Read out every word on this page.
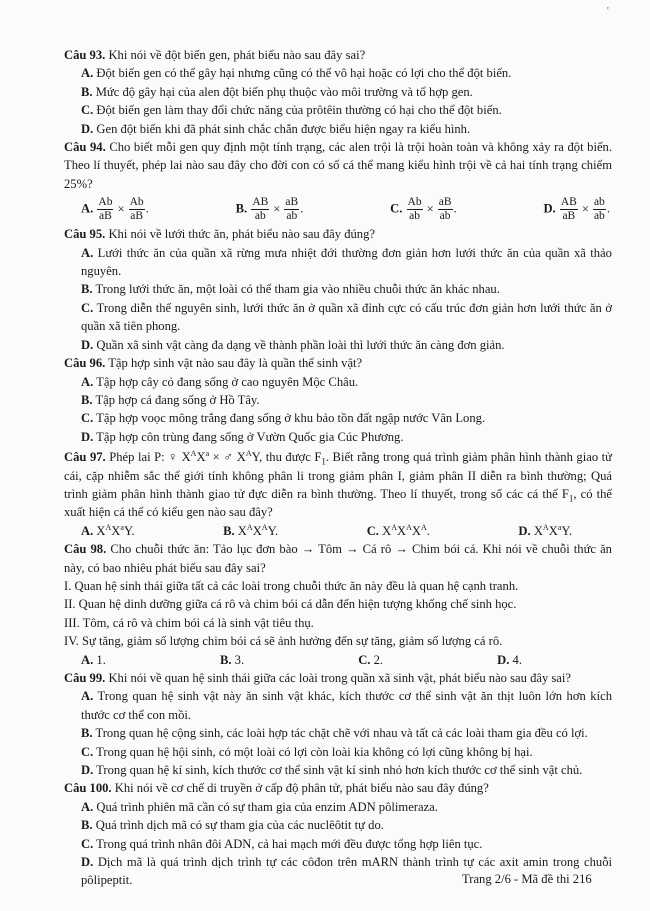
'
Câu 93. Khi nói về đột biến gen, phát biểu nào sau đây sai?
A. Đột biến gen có thể gây hại nhưng cũng có thể vô hại hoặc có lợi cho thể đột biến.
B. Mức độ gây hại của alen đột biến phụ thuộc vào môi trường và tổ hợp gen.
C. Đột biến gen làm thay đổi chức năng của prôtêin thường có hại cho thể đột biến.
D. Gen đột biến khi đã phát sinh chắc chắn được biểu hiện ngay ra kiểu hình.
Câu 94. Cho biết mỗi gen quy định một tính trạng, các alen trội là trội hoàn toàn và không xảy ra đột biến. Theo lí thuyết, phép lai nào sau đây cho đời con có số cá thể mang kiểu hình trội về cả hai tính trạng chiếm 25%?
A. $\frac{Ab}{aB} \times \frac{Ab}{aB}$ .	B. $\frac{AB}{ab} \times \frac{aB}{ab}$ .	C. $\frac{Ab}{ab} \times \frac{aB}{ab}$ .	D. $\frac{AB}{aB} \times \frac{ab}{ab}$ .
Câu 95. Khi nói về lưới thức ăn, phát biểu nào sau đây đúng?
A. Lưới thức ăn của quần xã rừng mưa nhiệt đới thường đơn giản hơn lưới thức ăn của quần xã thảo nguyên.
B. Trong lưới thức ăn, một loài có thể tham gia vào nhiều chuỗi thức ăn khác nhau.
C. Trong diễn thế nguyên sinh, lưới thức ăn ở quần xã đỉnh cực có cấu trúc đơn giản hơn lưới thức ăn ở quần xã tiên phong.
D. Quần xã sinh vật càng đa dạng về thành phần loài thì lưới thức ăn càng đơn giản.
Câu 96. Tập hợp sinh vật nào sau đây là quần thể sinh vật?
A. Tập hợp cây cỏ đang sống ở cao nguyên Mộc Châu.
B. Tập hợp cá đang sống ở Hồ Tây.
C. Tập hợp voọc mông trắng đang sống ở khu bảo tồn đất ngập nước Vân Long.
D. Tập hợp côn trùng đang sống ở Vườn Quốc gia Cúc Phương.
Câu 97. Phép lai P: ♀ $X^AX^a$ × ♂ $X^AY$, thu được $F_1$. Biết rằng trong quá trình giảm phân hình thành giao tử cái, cặp nhiễm sắc thể giới tính không phân li trong giảm phân I, giảm phân II diễn ra bình thường; Quá trình giảm phân hình thành giao tử đực diễn ra bình thường. Theo lí thuyết, trong số các cá thể $F_1$, có thể xuất hiện cá thể có kiểu gen nào sau đây?
A. $X^AX^aY$.	B. $X^AX^AY$.	C. $X^AX^AX^A$.	D. $X^AX^aY$.
Câu 98. Cho chuỗi thức ăn: Tảo lục đơn bào → Tôm → Cá rô → Chim bói cá. Khi nói về chuỗi thức ăn này, có bao nhiêu phát biểu sau đây sai?
I. Quan hệ sinh thái giữa tất cả các loài trong chuỗi thức ăn này đều là quan hệ cạnh tranh.
II. Quan hệ dinh dưỡng giữa cá rô và chim bói cá dẫn đến hiện tượng khống chế sinh học.
III. Tôm, cá rô và chim bói cá là sinh vật tiêu thụ.
IV. Sự tăng, giảm số lượng chim bói cá sẽ ảnh hưởng đến sự tăng, giảm số lượng cá rô.
A. 1.	B. 3.	C. 2.	D. 4.
Câu 99. Khi nói về quan hệ sinh thái giữa các loài trong quần xã sinh vật, phát biểu nào sau đây sai?
A. Trong quan hệ sinh vật này ăn sinh vật khác, kích thước cơ thể sinh vật ăn thịt luôn lớn hơn kích thước cơ thể con mồi.
B. Trong quan hệ cộng sinh, các loài hợp tác chặt chẽ với nhau và tất cả các loài tham gia đều có lợi.
C. Trong quan hệ hội sinh, có một loài có lợi còn loài kia không có lợi cũng không bị hại.
D. Trong quan hệ kí sinh, kích thước cơ thể sinh vật kí sinh nhỏ hơn kích thước cơ thể sinh vật chủ.
Câu 100. Khi nói về cơ chế di truyền ở cấp độ phân tử, phát biểu nào sau đây đúng?
A. Quá trình phiên mã cần có sự tham gia của enzim ADN pôlimeraza.
B. Quá trình dịch mã có sự tham gia của các nuclêôtit tự do.
C. Trong quá trình nhân đôi ADN, cả hai mạch mới đều được tổng hợp liên tục.
D. Dịch mã là quá trình dịch trình tự các côđon trên mARN thành trình tự các axit amin trong chuỗi pôlipeptit.	Trang 2/6 - Mã đề thi 216
